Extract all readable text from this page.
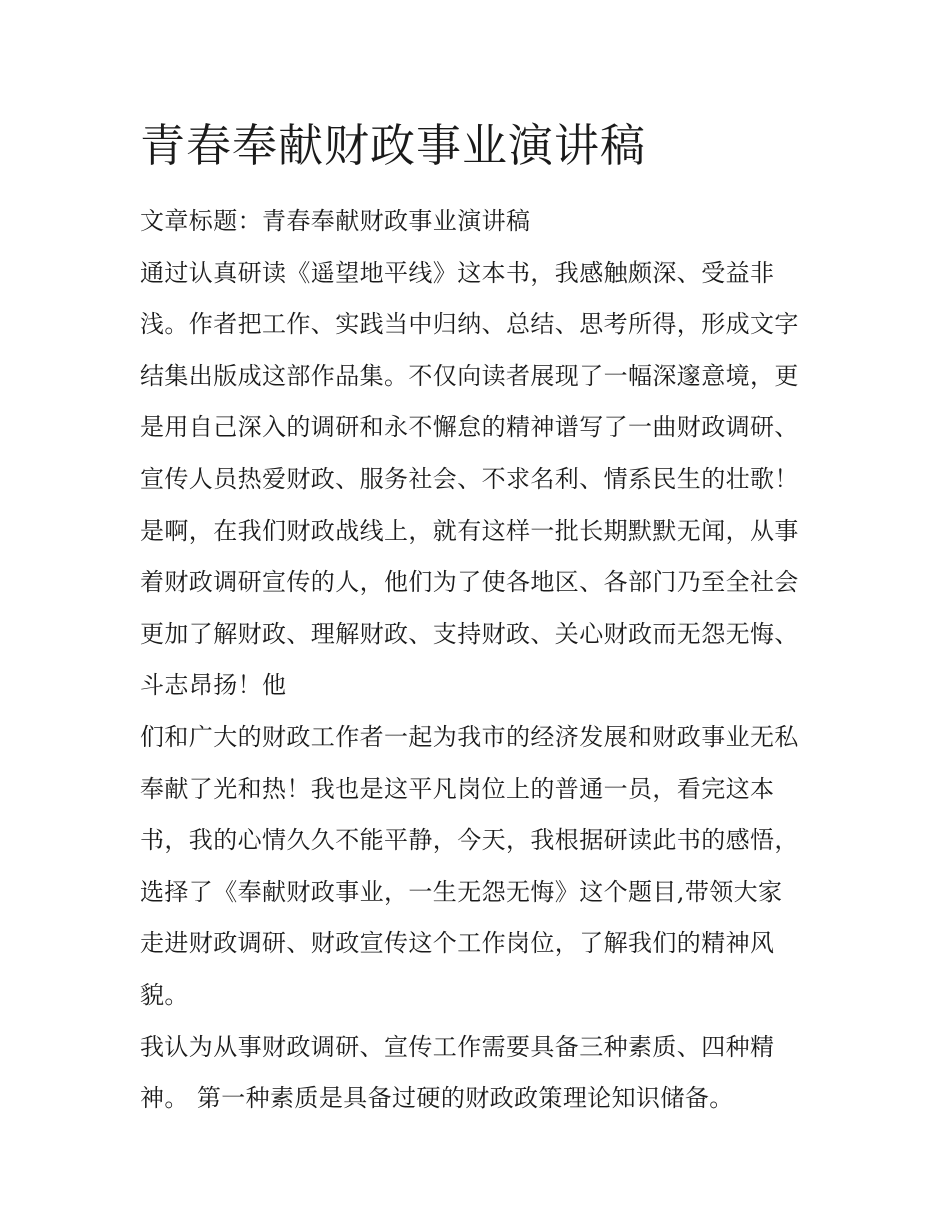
青春奉献财政事业演讲稿
文章标题：青春奉献财政事业演讲稿
通过认真研读《遥望地平线》这本书，我感触颇深、受益非
浅。作者把工作、实践当中归纳、总结、思考所得，形成文字
结集出版成这部作品集。不仅向读者展现了一幅深邃意境，更
是用自己深入的调研和永不懈怠的精神谱写了一曲财政调研、
宣传人员热爱财政、服务社会、不求名利、情系民生的壮歌！
是啊，在我们财政战线上，就有这样一批长期默默无闻，从事
着财政调研宣传的人，他们为了使各地区、各部门乃至全社会
更加了解财政、理解财政、支持财政、关心财政而无怨无悔、
斗志昂扬！他
们和广大的财政工作者一起为我市的经济发展和财政事业无私
奉献了光和热！我也是这平凡岗位上的普通一员，看完这本
书，我的心情久久不能平静，今天，我根据研读此书的感悟，
选择了《奉献财政事业，一生无怨无悔》这个题目,带领大家
走进财政调研、财政宣传这个工作岗位，了解我们的精神风
貌。
我认为从事财政调研、宣传工作需要具备三种素质、四种精
神。 第一种素质是具备过硬的财政政策理论知识储备。
